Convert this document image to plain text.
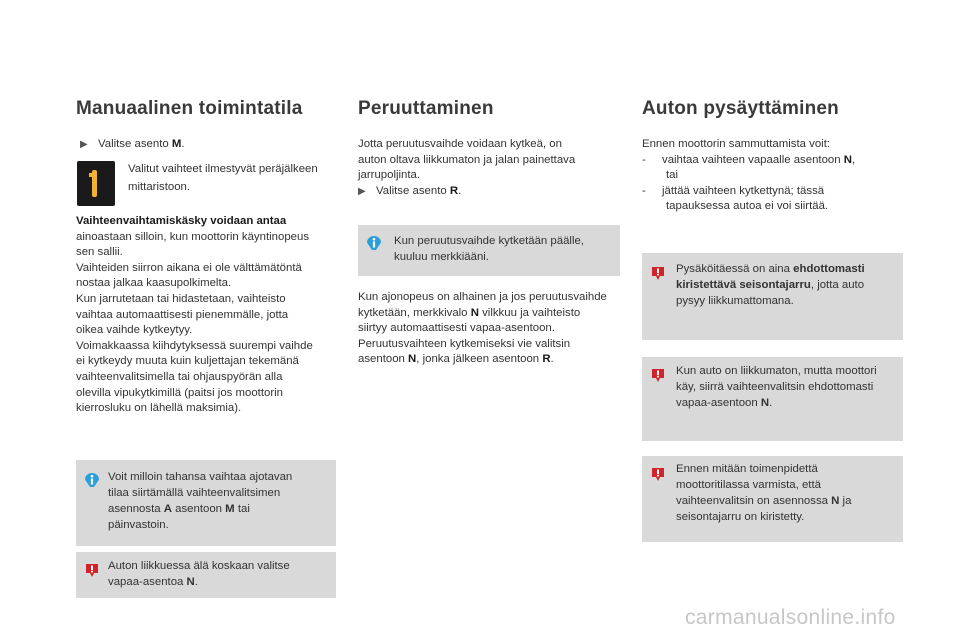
Manuaalinen toimintatila
▶ Valitse asento M.
Valitut vaihteet ilmestyvät peräjälkeen
mittaristoon.
Vaihteenvaihtamiskäsky voidaan antaa
ainoastaan silloin, kun moottorin käyntinopeus
sen sallii.
Vaihteiden siirron aikana ei ole välttämätöntä
nostaa jalkaa kaasupolkimelta.
Kun jarrutetaan tai hidastetaan, vaihteisto
vaihtaa automaattisesti pienemmälle, jotta
oikea vaihde kytkeytyy.
Voimakkaassa kiihdytyksessä suurempi vaihde
ei kytkeydy muuta kuin kuljettajan tekemänä
vaihteenvalitsimella tai ohjauspyörän alla
olevilla vipukytkimillä (paitsi jos moottorin
kierrosluku on lähellä maksimia).
Voit milloin tahansa vaihtaa ajotavan
tilaa siirtämällä vaihteenvalitsimen
asennosta A asentoon M tai
päinvastoin.
Auton liikkuessa älä koskaan valitse
vapaa-asentoa N.
Peruuttaminen
Jotta peruutusvaihde voidaan kytkeä, on
auton oltava liikkumaton ja jalan painettava
jarrupoljinta.
▶ Valitse asento R.
Kun peruutusvaihde kytketään päälle,
kuuluu merkkiääni.
Kun ajonopeus on alhainen ja jos peruutusvaihde
kytketään, merkkivalo N vilkkuu ja vaihteisto
siirtyy automaattisesti vapaa-asentoon.
Peruutusvaihteen kytkemiseksi vie valitsin
asentoon N, jonka jälkeen asentoon R.
Auton pysäyttäminen
Ennen moottorin sammuttamista voit:
- vaihtaa vaihteen vapaalle asentoon N,
tai
- jättää vaihteen kytkettynä; tässä
tapauksessa autoa ei voi siirtää.
Pysäköitäessä on aina ehdottomasti
kiristettävä seisontajarru, jotta auto
pysyy liikkumattomana.
Kun auto on liikkumaton, mutta moottori
käy, siirrä vaihteenvalitsin ehdottomasti
vapaa-asentoon N.
Ennen mitään toimenpidettä
moottoritilassa varmista, että
vaihteenvalitsin on asennossa N ja
seisontajarru on kiristetty.
carmanualsonline.info
